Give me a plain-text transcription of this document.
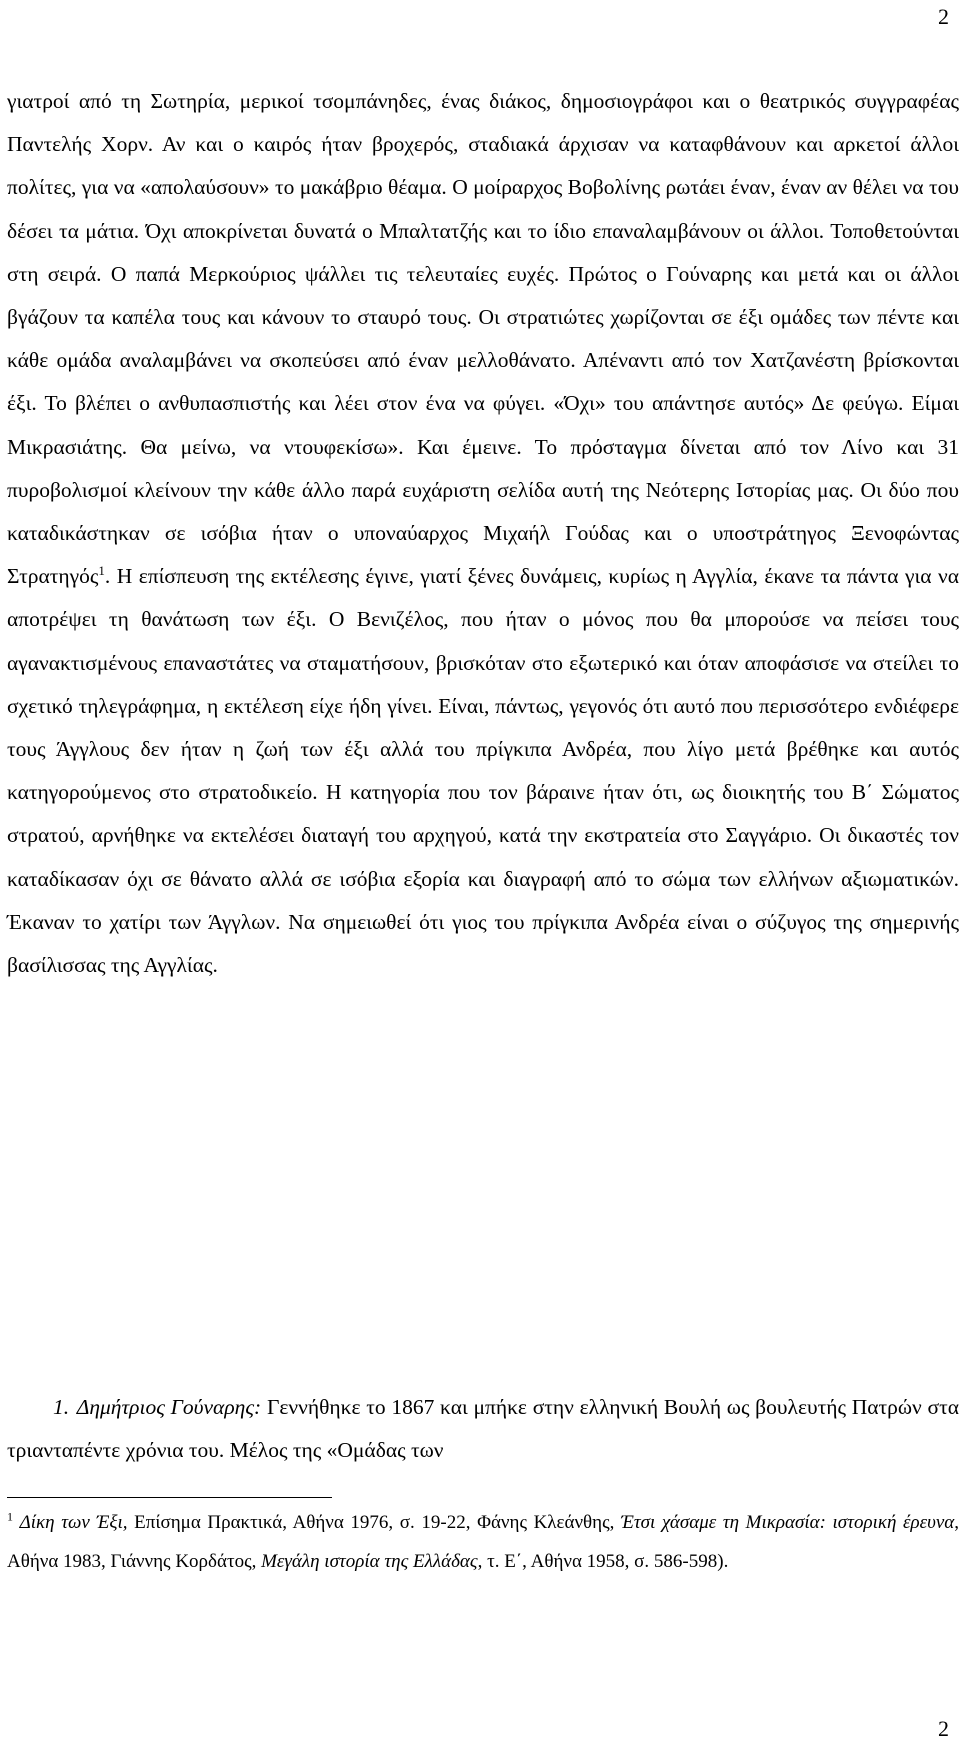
2

γιατροί από τη Σωτηρία, μερικοί τσομπάνηδες, ένας διάκος, δημοσιογράφοι και ο θεατρικός συγγραφέας Παντελής Χορν. Αν και ο καιρός ήταν βροχερός, σταδιακά άρχισαν να καταφθάνουν και αρκετοί άλλοι πολίτες, για να «απολαύσουν» το μακάβριο θέαμα. Ο μοίραρχος Βοβολίνης ρωτάει έναν, έναν αν θέλει να του δέσει τα μάτια. Όχι αποκρίνεται δυνατά ο Μπαλτατζής και το ίδιο επαναλαμβάνουν οι άλλοι. Τοποθετούνται στη σειρά. Ο παπά Μερκούριος ψάλλει τις τελευταίες ευχές. Πρώτος ο Γούναρης και μετά και οι άλλοι βγάζουν τα καπέλα τους και κάνουν το σταυρό τους. Οι στρατιώτες χωρίζονται σε έξι ομάδες των πέντε και κάθε ομάδα αναλαμβάνει να σκοπεύσει από έναν μελλοθάνατο. Απέναντι από τον Χατζανέστη βρίσκονται έξι. Το βλέπει ο ανθυπασπιστής και λέει στον ένα να φύγει. «Όχι» του απάντησε αυτός» Δε φεύγω. Είμαι Μικρασιάτης. Θα μείνω, να ντουφεκίσω». Και έμεινε. Το πρόσταγμα δίνεται από τον Λίνο και 31 πυροβολισμοί κλείνουν την κάθε άλλο παρά ευχάριστη σελίδα αυτή της Νεότερης Ιστορίας μας. Οι δύο που καταδικάστηκαν σε ισόβια ήταν ο υποναύαρχος Μιχαήλ Γούδας και ο υποστράτηγος Ξενοφώντας Στρατηγός$^1$. Η επίσπευση της εκτέλεσης έγινε, γιατί ξένες δυνάμεις, κυρίως η Αγγλία, έκανε τα πάντα για να αποτρέψει τη θανάτωση των έξι. Ο Βενιζέλος, που ήταν ο μόνος που θα μπορούσε να πείσει τους αγανακτισμένους επαναστάτες να σταματήσουν, βρισκόταν στο εξωτερικό και όταν αποφάσισε να στείλει το σχετικό τηλεγράφημα, η εκτέλεση είχε ήδη γίνει. Είναι, πάντως, γεγονός ότι αυτό που περισσότερο ενδιέφερε τους Άγγλους δεν ήταν η ζωή των έξι αλλά του πρίγκιπα Ανδρέα, που λίγο μετά βρέθηκε και αυτός κατηγορούμενος στο στρατοδικείο. Η κατηγορία που τον βάραινε ήταν ότι, ως διοικητής του Β΄ Σώματος στρατού, αρνήθηκε να εκτελέσει διαταγή του αρχηγού, κατά την εκστρατεία στο Σαγγάριο. Οι δικαστές τον καταδίκασαν όχι σε θάνατο αλλά σε ισόβια εξορία και διαγραφή από το σώμα των ελλήνων αξιωματικών. Έκαναν το χατίρι των Άγγλων. Να σημειωθεί ότι γιος του πρίγκιπα Ανδρέα είναι ο σύζυγος της σημερινής βασίλισσας της Αγγλίας.

1. Δημήτριος Γούναρης: Γεννήθηκε το 1867 και μπήκε στην ελληνική Βουλή ως βουλευτής Πατρών στα τριανταπέντε χρόνια του. Μέλος της «Ομάδας των

$^1$ Δίκη των Έξι, Επίσημα Πρακτικά, Αθήνα 1976, σ. 19-22, Φάνης Κλεάνθης, Έτσι χάσαμε τη Μικρασία: ιστορική έρευνα, Αθήνα 1983, Γιάννης Κορδάτος, Μεγάλη ιστορία της Ελλάδας, τ. Ε΄, Αθήνα 1958, σ. 586-598).

2
